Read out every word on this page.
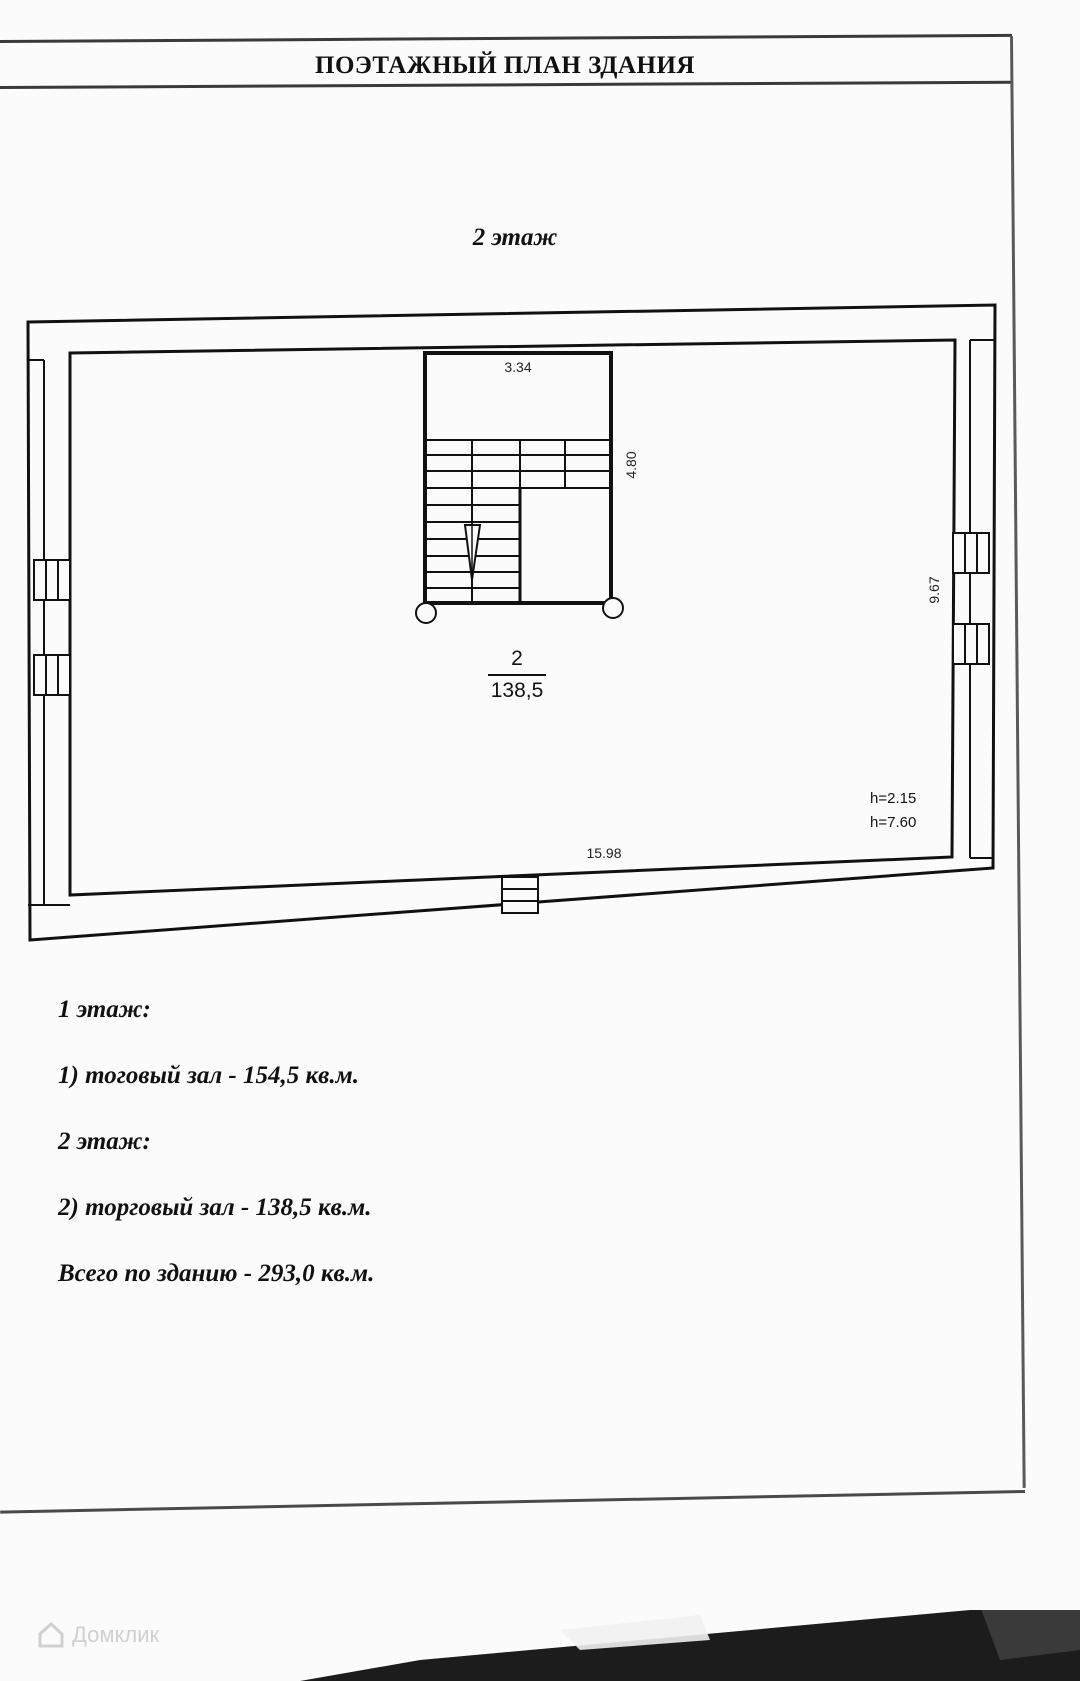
ПОЭТАЖНЫЙ ПЛАН ЗДАНИЯ
2 этаж
3.34
4.80
9.67
15.98
2
138,5
h=2.15
h=7.60
1 этаж:
1) тоговый зал - 154,5 кв.м.
2 этаж:
2) торговый зал - 138,5 кв.м.
Всего по зданию - 293,0 кв.м.
Домклик
